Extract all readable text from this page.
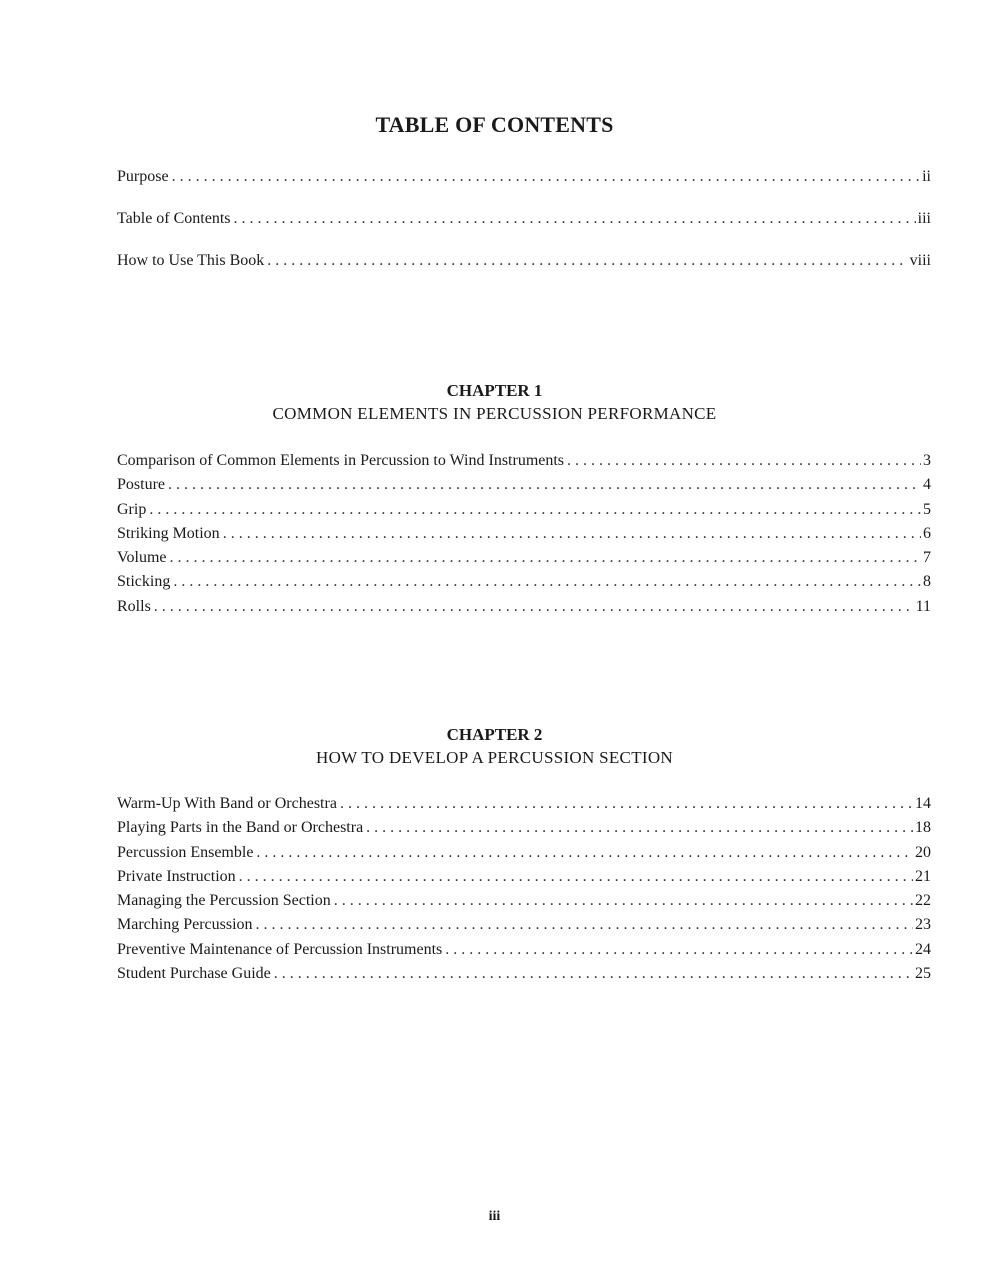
TABLE OF CONTENTS
Purpose . . .	ii
Table of Contents . . .	iii
How to Use This Book . . .	viii
CHAPTER 1
COMMON ELEMENTS IN PERCUSSION PERFORMANCE
Comparison of Common Elements in Percussion to Wind Instruments . . .	3
Posture . . .	4
Grip . . .	5
Striking Motion . . .	6
Volume . . .	7
Sticking . . .	8
Rolls . . .	11
CHAPTER 2
HOW TO DEVELOP A PERCUSSION SECTION
Warm-Up With Band or Orchestra . . .	14
Playing Parts in the Band or Orchestra . . .	18
Percussion Ensemble . . .	20
Private Instruction . . .	21
Managing the Percussion Section . . .	22
Marching Percussion . . .	23
Preventive Maintenance of Percussion Instruments . . .	24
Student Purchase Guide . . .	25
iii
